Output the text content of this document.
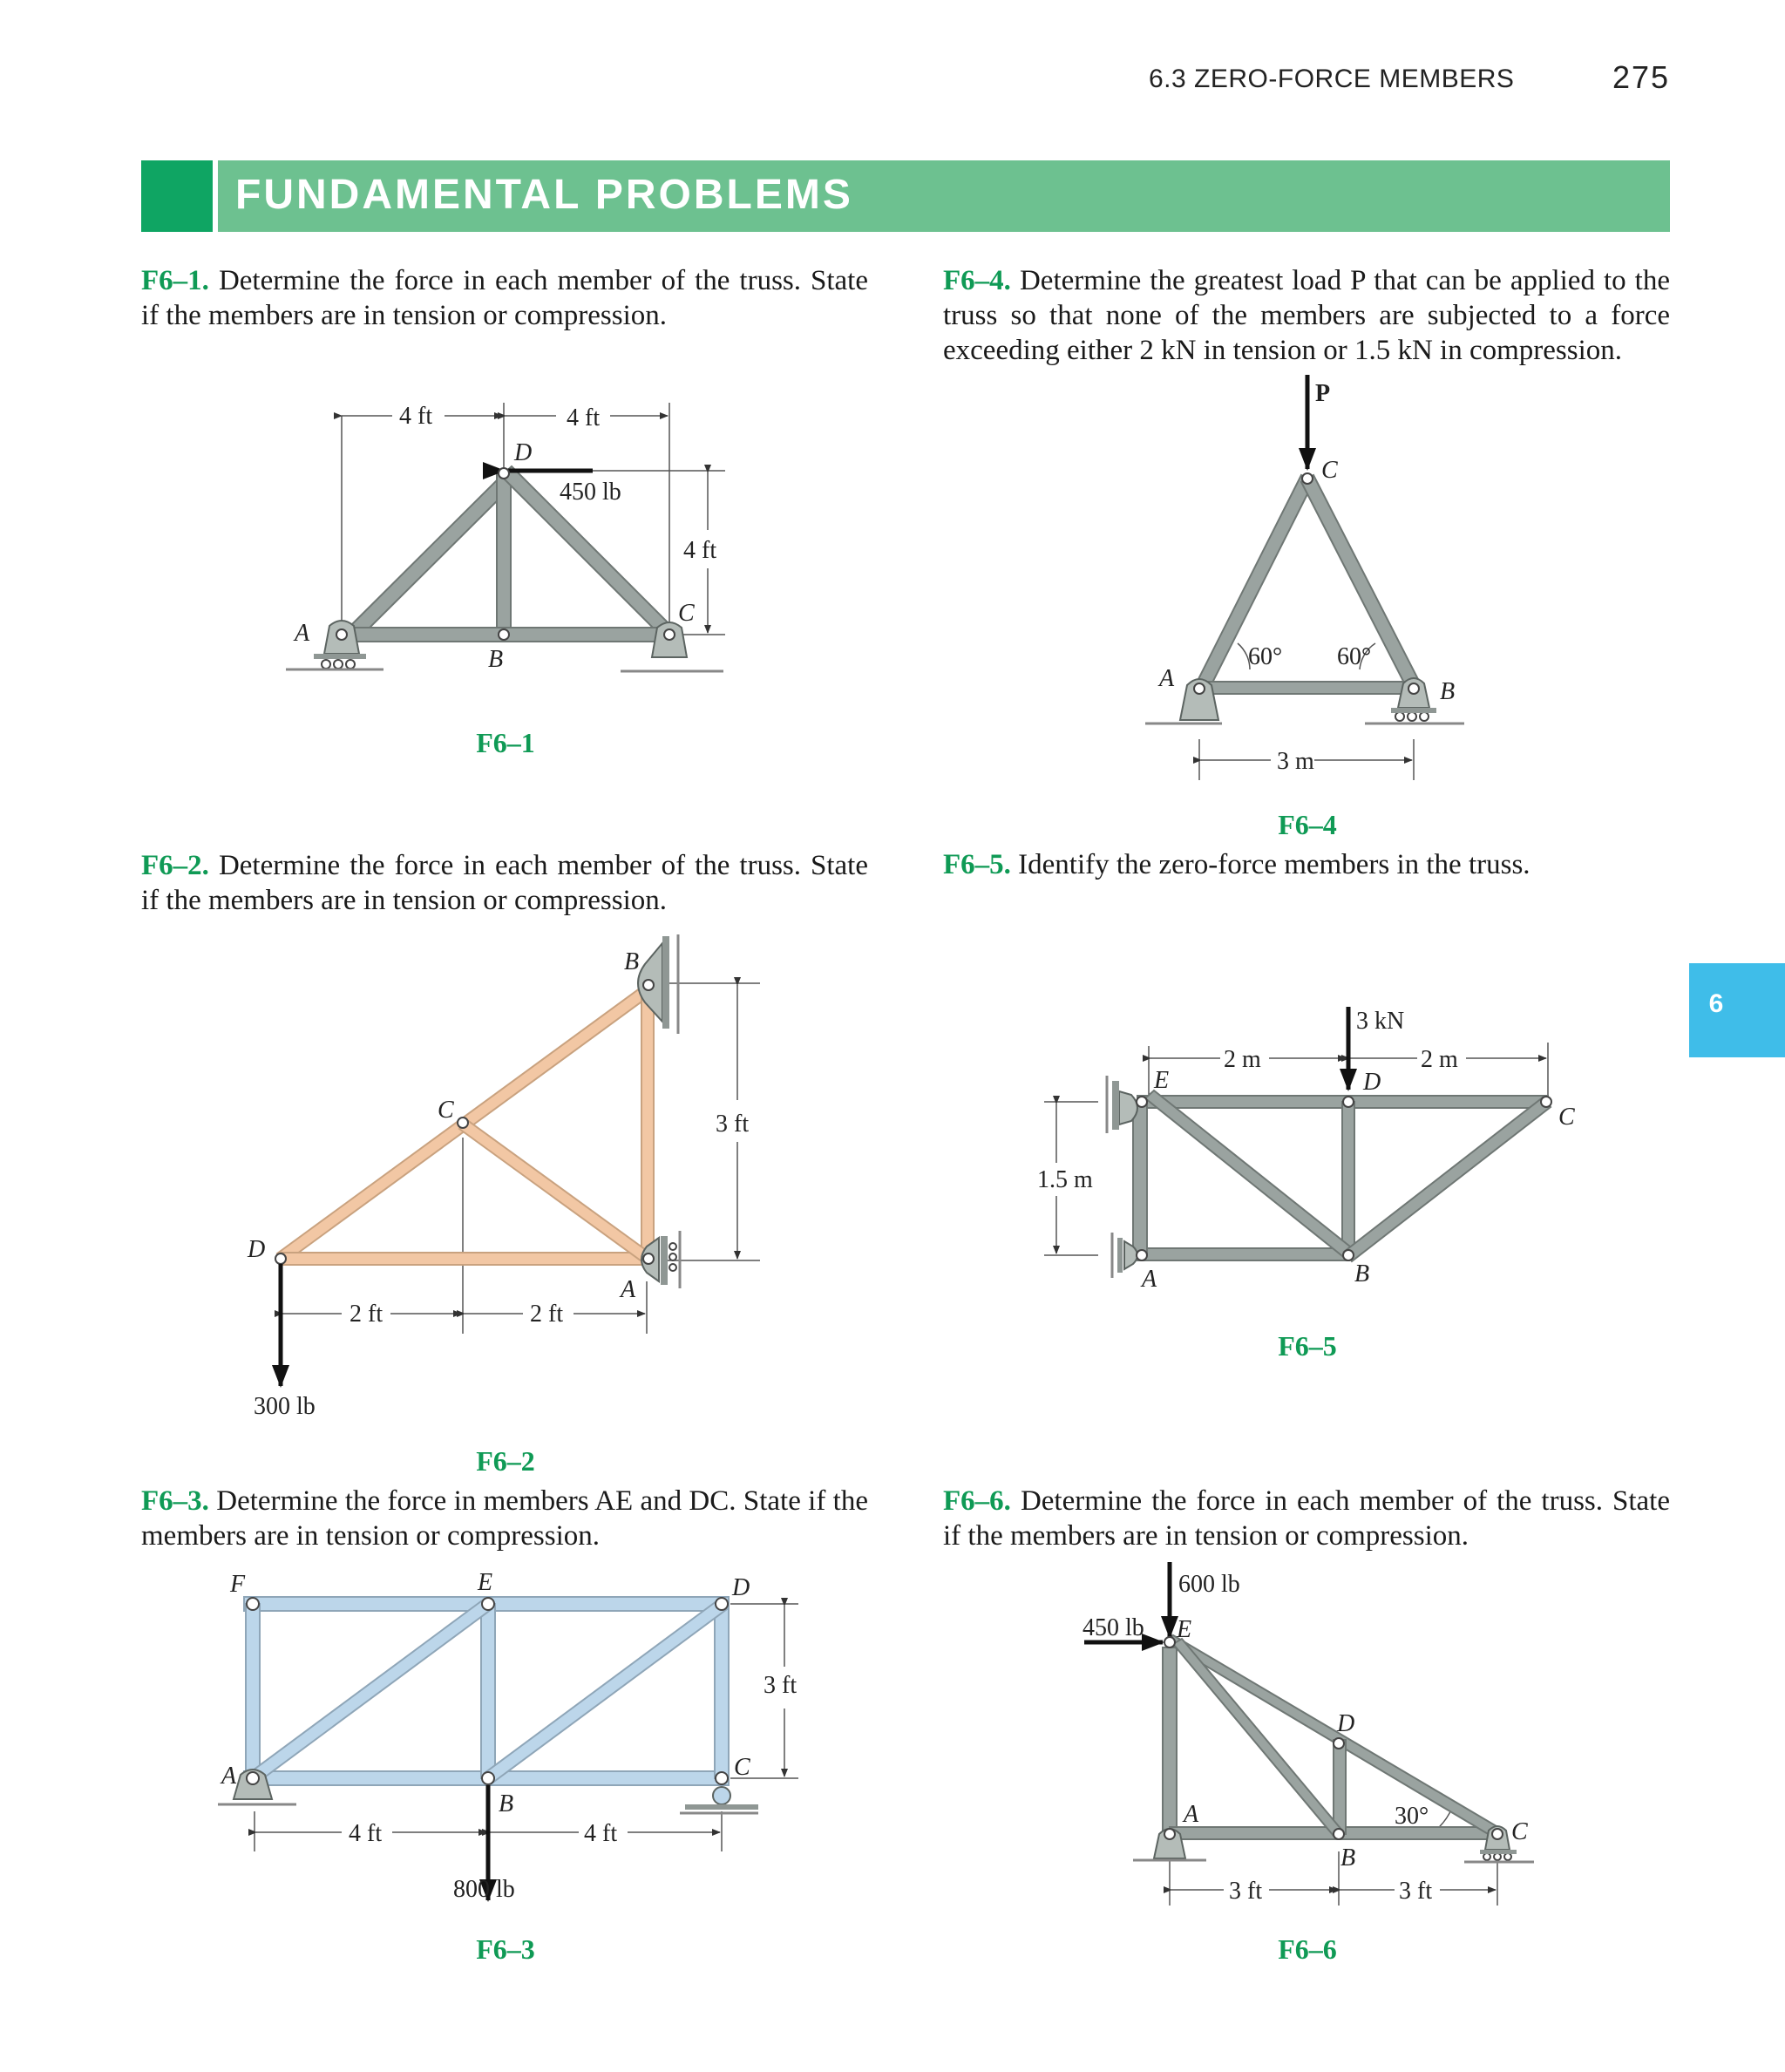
6.3 ZERO-FORCE MEMBERS	275
FUNDAMENTAL PROBLEMS
6
F6–1. Determine the force in each member of the truss. State if the members are in tension or compression.
F6–4. Determine the greatest load P that can be applied to the truss so that none of the members are subjected to a force exceeding either 2 kN in tension or 1.5 kN in compression.
F6–2. Determine the force in each member of the truss. State if the members are in tension or compression.
F6–5. Identify the zero-force members in the truss.
F6–3. Determine the force in members AE and DC. State if the members are in tension or compression.
F6–6. Determine the force in each member of the truss. State if the members are in tension or compression.
F6–1
F6–4
F6–2
F6–5
F6–3	F6–6
A
B
C
D
4 ft	4 ft
4 ft
450 lb
P
C
A	B
60° 60°
3 m
B
C
D
A
2 ft	2 ft
3 ft
300 lb
3 kN
2 m	2 m
1.5 m
E	D
C
A	B
F	E	D
A
B
C
4 ft	4 ft
3 ft
800 lb
600 lb
450 lb E
D
A
B
C
30°
3 ft	3 ft
